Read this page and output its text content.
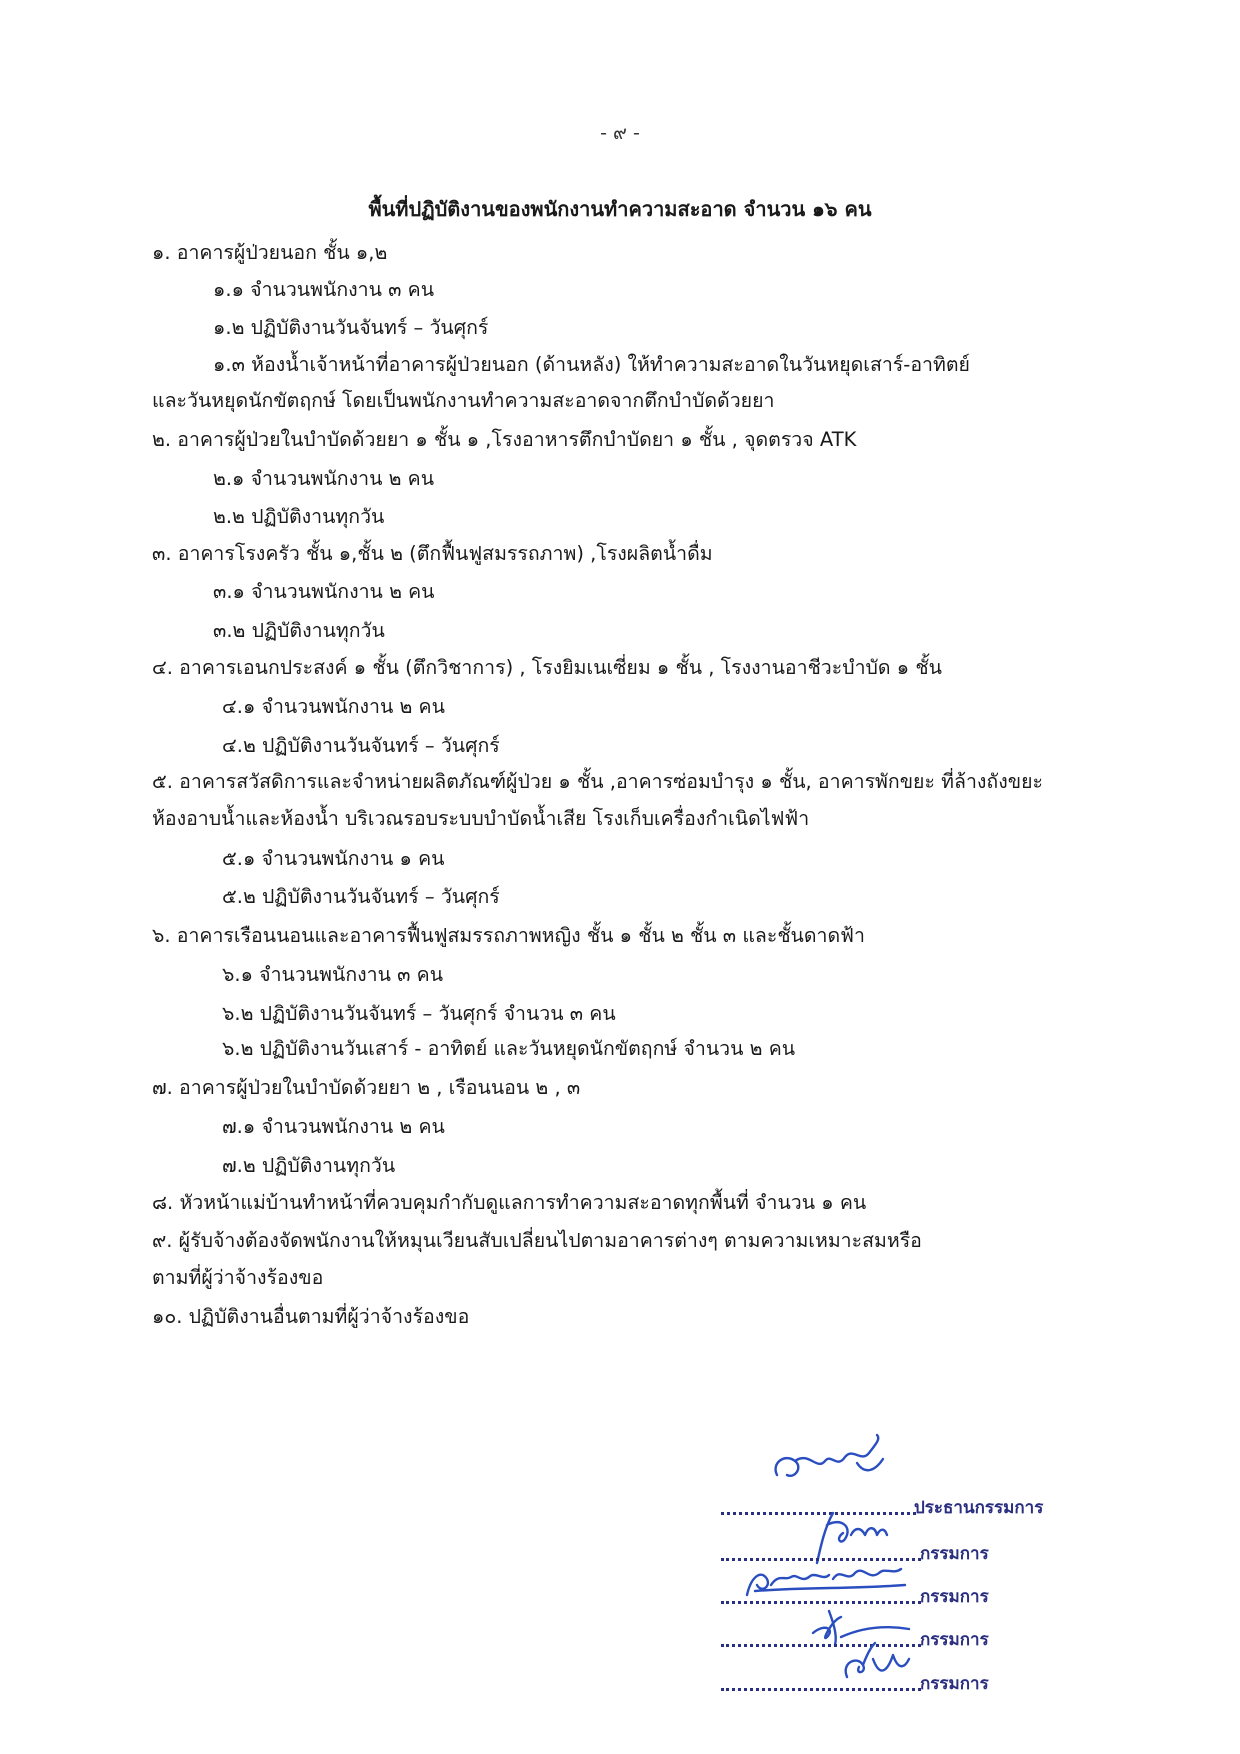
- ๙ -
พื้นที่ปฏิบัติงานของพนักงานทำความสะอาด จำนวน ๑๖ คน
๑. อาคารผู้ป่วยนอก ชั้น ๑,๒
๑.๑ จำนวนพนักงาน ๓ คน
๑.๒ ปฏิบัติงานวันจันทร์ – วันศุกร์
๑.๓ ห้องน้ำเจ้าหน้าที่อาคารผู้ป่วยนอก (ด้านหลัง) ให้ทำความสะอาดในวันหยุดเสาร์-อาทิตย์
และวันหยุดนักขัตฤกษ์ โดยเป็นพนักงานทำความสะอาดจากตึกบำบัดด้วยยา
๒. อาคารผู้ป่วยในบำบัดด้วยยา ๑ ชั้น ๑ ,โรงอาหารตึกบำบัดยา ๑ ชั้น , จุดตรวจ ATK
๒.๑ จำนวนพนักงาน ๒ คน
๒.๒ ปฏิบัติงานทุกวัน
๓. อาคารโรงครัว ชั้น ๑,ชั้น ๒ (ตึกฟื้นฟูสมรรถภาพ) ,โรงผลิตน้ำดื่ม
๓.๑ จำนวนพนักงาน ๒ คน
๓.๒ ปฏิบัติงานทุกวัน
๔. อาคารเอนกประสงค์ ๑ ชั้น (ตึกวิชาการ) , โรงยิมเนเซี่ยม ๑ ชั้น , โรงงานอาชีวะบำบัด ๑ ชั้น
๔.๑ จำนวนพนักงาน ๒ คน
๔.๒ ปฏิบัติงานวันจันทร์ – วันศุกร์
๕. อาคารสวัสดิการและจำหน่ายผลิตภัณฑ์ผู้ป่วย ๑ ชั้น ,อาคารซ่อมบำรุง ๑ ชั้น, อาคารพักขยะ ที่ล้างถังขยะ
ห้องอาบน้ำและห้องน้ำ บริเวณรอบระบบบำบัดน้ำเสีย โรงเก็บเครื่องกำเนิดไฟฟ้า
๕.๑ จำนวนพนักงาน ๑ คน
๕.๒ ปฏิบัติงานวันจันทร์ – วันศุกร์
๖. อาคารเรือนนอนและอาคารฟื้นฟูสมรรถภาพหญิง ชั้น ๑ ชั้น ๒ ชั้น ๓ และชั้นดาดฟ้า
๖.๑ จำนวนพนักงาน ๓ คน
๖.๒ ปฏิบัติงานวันจันทร์ – วันศุกร์ จำนวน ๓ คน
๖.๒ ปฏิบัติงานวันเสาร์ - อาทิตย์ และวันหยุดนักขัตฤกษ์ จำนวน ๒ คน
๗. อาคารผู้ป่วยในบำบัดด้วยยา ๒ , เรือนนอน ๒ , ๓
๗.๑ จำนวนพนักงาน ๒ คน
๗.๒ ปฏิบัติงานทุกวัน
๘. หัวหน้าแม่บ้านทำหน้าที่ควบคุมกำกับดูแลการทำความสะอาดทุกพื้นที่ จำนวน ๑ คน
๙. ผู้รับจ้างต้องจัดพนักงานให้หมุนเวียนสับเปลี่ยนไปตามอาคารต่างๆ ตามความเหมาะสมหรือ
ตามที่ผู้ว่าจ้างร้องขอ
๑๐. ปฏิบัติงานอื่นตามที่ผู้ว่าจ้างร้องขอ
ประธานกรรมการ
กรรมการ
กรรมการ
กรรมการ
กรรมการ
